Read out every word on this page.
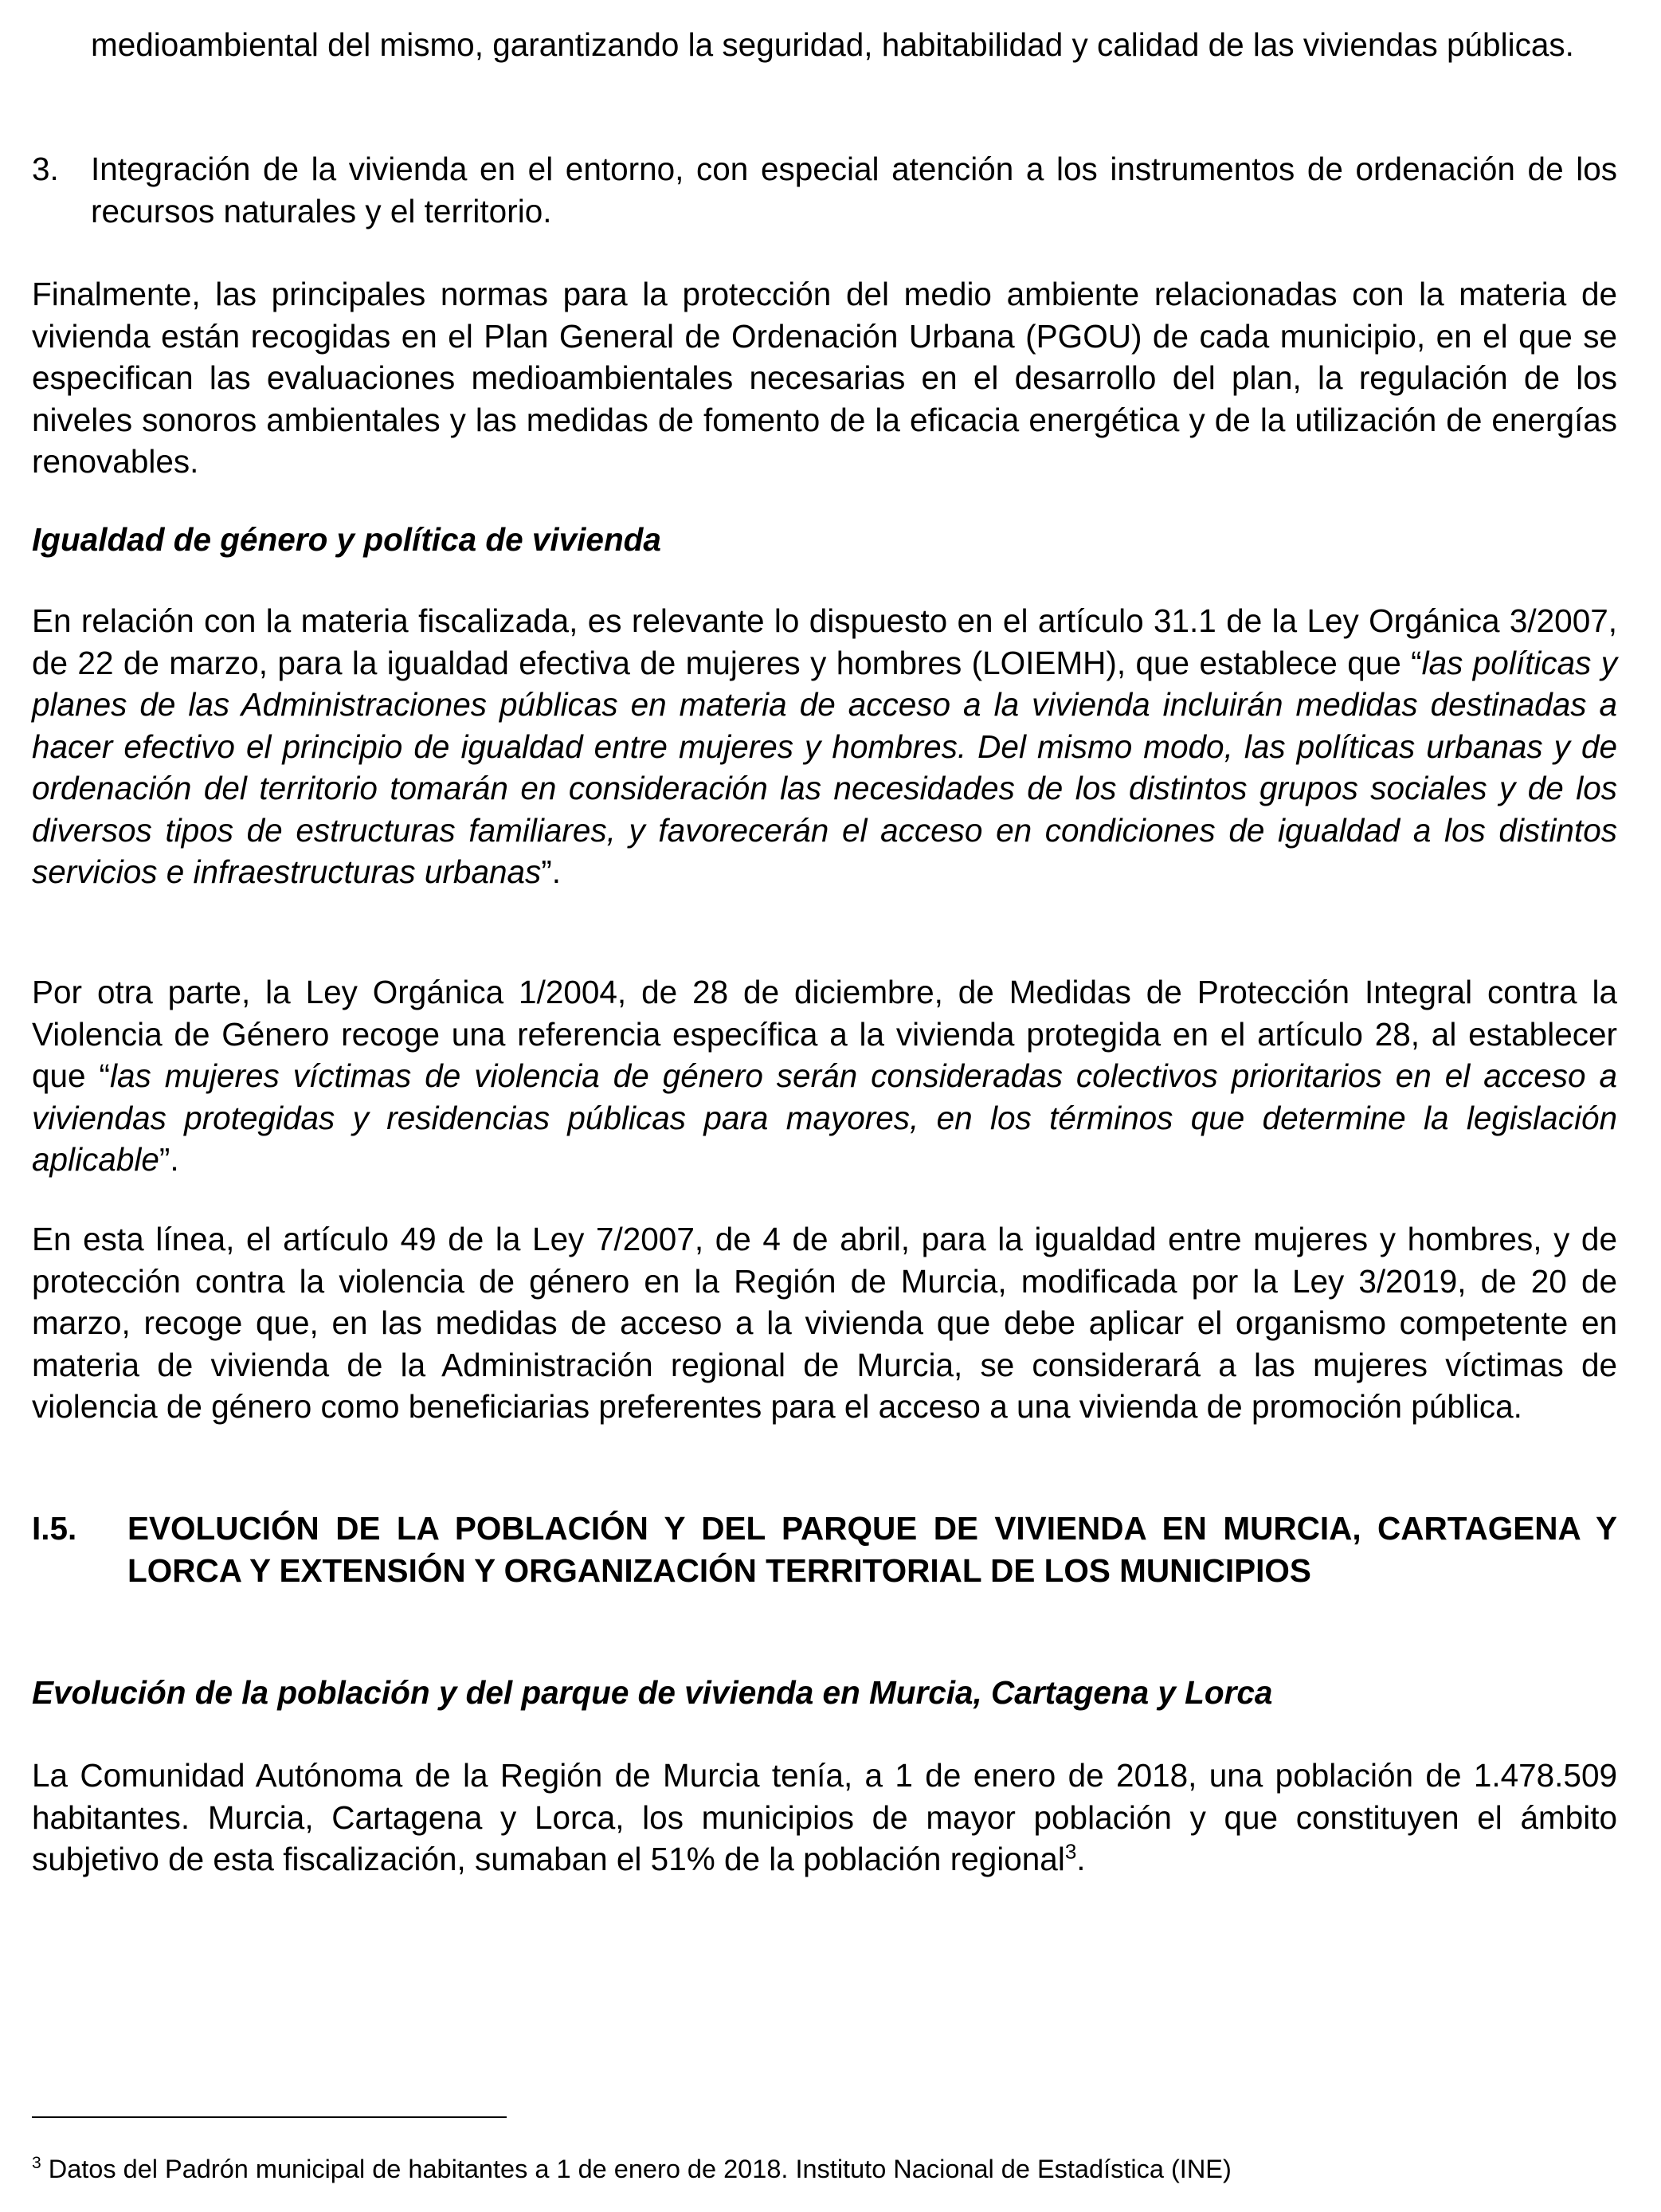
medioambiental del mismo, garantizando la seguridad, habitabilidad y calidad de las viviendas públicas.

3. Integración de la vivienda en el entorno, con especial atención a los instrumentos de ordenación de los recursos naturales y el territorio.

Finalmente, las principales normas para la protección del medio ambiente relacionadas con la materia de vivienda están recogidas en el Plan General de Ordenación Urbana (PGOU) de cada municipio, en el que se especifican las evaluaciones medioambientales necesarias en el desarrollo del plan, la regulación de los niveles sonoros ambientales y las medidas de fomento de la eficacia energética y de la utilización de energías renovables.

Igualdad de género y política de vivienda

En relación con la materia fiscalizada, es relevante lo dispuesto en el artículo 31.1 de la Ley Orgánica 3/2007, de 22 de marzo, para la igualdad efectiva de mujeres y hombres (LOIEMH), que establece que “las políticas y planes de las Administraciones públicas en materia de acceso a la vivienda incluirán medidas destinadas a hacer efectivo el principio de igualdad entre mujeres y hombres. Del mismo modo, las políticas urbanas y de ordenación del territorio tomarán en consideración las necesidades de los distintos grupos sociales y de los diversos tipos de estructuras familiares, y favorecerán el acceso en condiciones de igualdad a los distintos servicios e infraestructuras urbanas”.

Por otra parte, la Ley Orgánica 1/2004, de 28 de diciembre, de Medidas de Protección Integral contra la Violencia de Género recoge una referencia específica a la vivienda protegida en el artículo 28, al establecer que “las mujeres víctimas de violencia de género serán consideradas colectivos prioritarios en el acceso a viviendas protegidas y residencias públicas para mayores, en los términos que determine la legislación aplicable”.

En esta línea, el artículo 49 de la Ley 7/2007, de 4 de abril, para la igualdad entre mujeres y hombres, y de protección contra la violencia de género en la Región de Murcia, modificada por la Ley 3/2019, de 20 de marzo, recoge que, en las medidas de acceso a la vivienda que debe aplicar el organismo competente en materia de vivienda de la Administración regional de Murcia, se considerará a las mujeres víctimas de violencia de género como beneficiarias preferentes para el acceso a una vivienda de promoción pública.

I.5. EVOLUCIÓN DE LA POBLACIÓN Y DEL PARQUE DE VIVIENDA EN MURCIA, CARTAGENA Y LORCA Y EXTENSIÓN Y ORGANIZACIÓN TERRITORIAL DE LOS MUNICIPIOS

Evolución de la población y del parque de vivienda en Murcia, Cartagena y Lorca

La Comunidad Autónoma de la Región de Murcia tenía, a 1 de enero de 2018, una población de 1.478.509 habitantes. Murcia, Cartagena y Lorca, los municipios de mayor población y que constituyen el ámbito subjetivo de esta fiscalización, sumaban el 51% de la población regional$^3$.

$^3$ Datos del Padrón municipal de habitantes a 1 de enero de 2018. Instituto Nacional de Estadística (INE)
